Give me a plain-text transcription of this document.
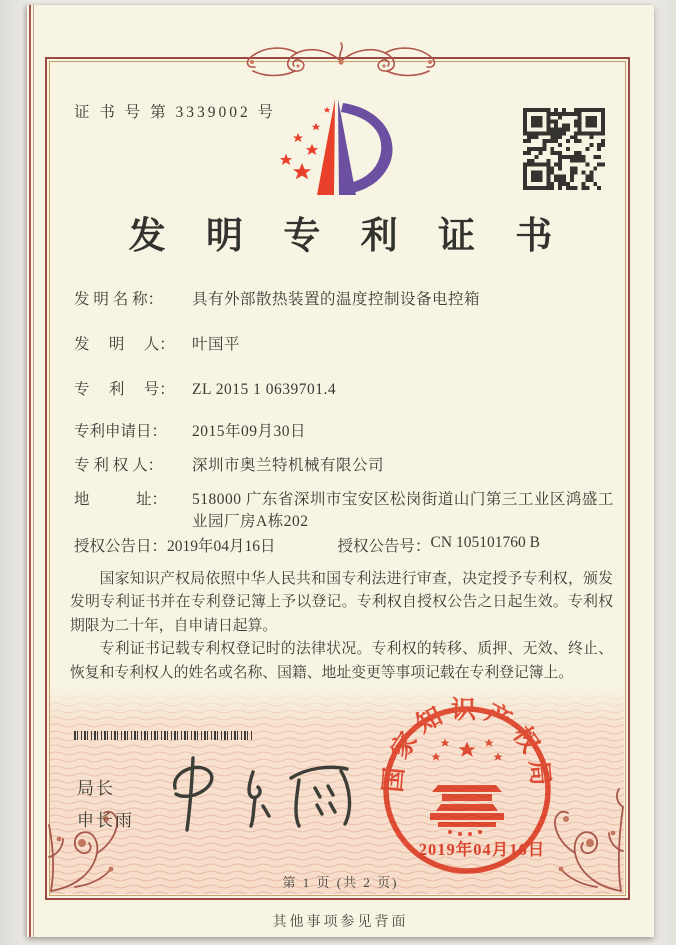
证 书 号 第 3339002 号
发 明 专 利 证 书
发 明 名 称：	具有外部散热装置的温度控制设备电控箱
发　 明　 人：	叶国平
专　 利　 号：	ZL 2015 1 0639701.4
专利申请日：	2015年09月30日
专 利 权 人：	深圳市奥兰特机械有限公司
地　　　址：	518000 广东省深圳市宝安区松岗街道山门第三工业区鸿盛工业园厂房A栋202
授权公告日： 2019年04月16日	授权公告号： CN 105101760 B

国家知识产权局依照中华人民共和国专利法进行审查，决定授予专利权，颁发发明专利证书并在专利登记簿上予以登记。专利权自授权公告之日起生效。专利权期限为二十年，自申请日起算。

专利证书记载专利权登记时的法律状况。专利权的转移、质押、无效、终止、恢复和专利权人的姓名或名称、国籍、地址变更等事项记载在专利登记簿上。

局长
申长雨
国家知识产权局
2019年04月16日
第 1 页 (共 2 页)
其他事项参见背面
